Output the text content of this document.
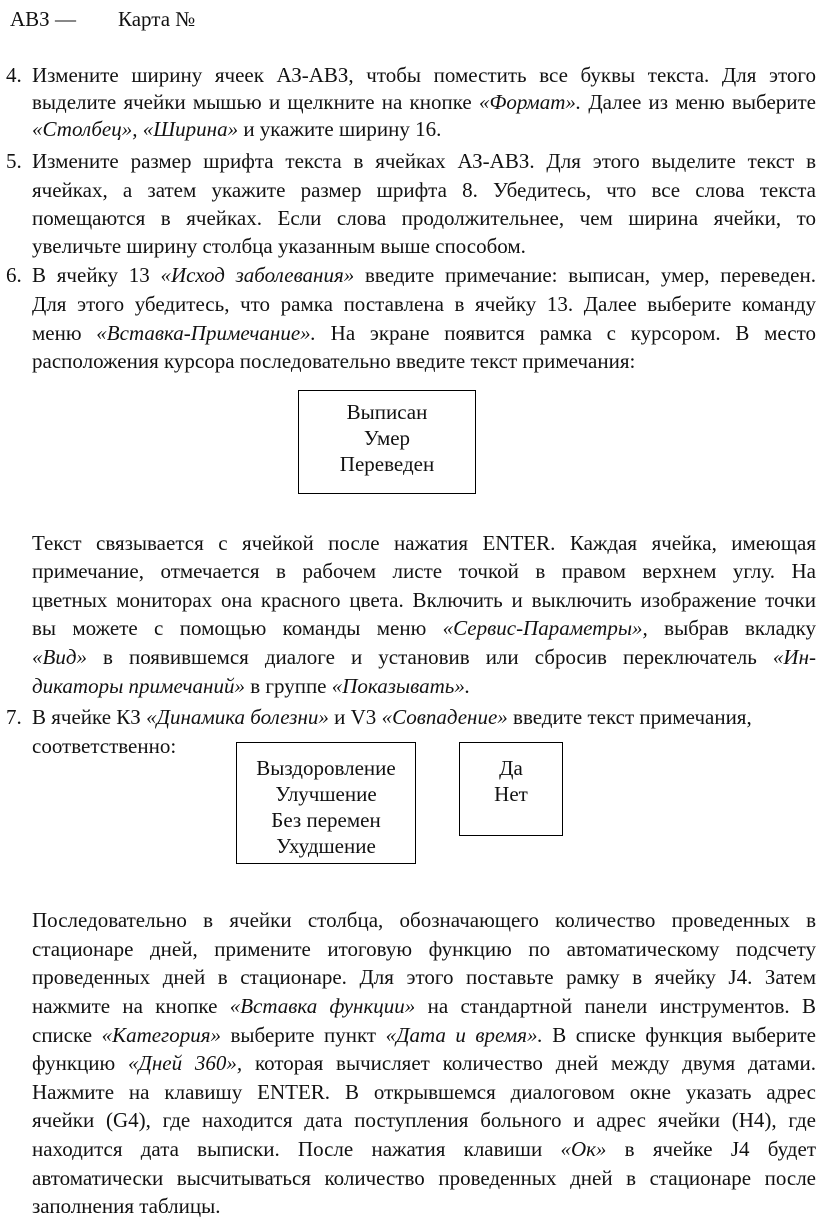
АВЗ — Карта №
4. Измените ширину ячеек АЗ-АВЗ, чтобы поместить все буквы текста. Для этого
выделите ячейки мышью и щелкните на кнопке «Формат». Далее из меню выберите
«Столбец», «Ширина» и укажите ширину 16.
5. Измените размер шрифта текста в ячейках АЗ-АВЗ. Для этого выделите текст в
ячейках, а затем укажите размер шрифта 8. Убедитесь, что все слова текста
помещаются в ячейках. Если слова продолжительнее, чем ширина ячейки, то
увеличьте ширину столбца указанным выше способом.
6. В ячейку 13 «Исход заболевания» введите примечание: выписан, умер, переведен.
Для этого убедитесь, что рамка поставлена в ячейку 13. Далее выберите команду
меню «Вставка-Примечание». На экране появится рамка с курсором. В место
расположения курсора последовательно введите текст примечания:
Выписан
Умер
Переведен
Текст связывается с ячейкой после нажатия ENTER. Каждая ячейка, имеющая
примечание, отмечается в рабочем листе точкой в правом верхнем углу. На
цветных мониторах она красного цвета. Включить и выключить изображение точки
вы можете с помощью команды меню «Сервис-Параметры», выбрав вкладку
«Вид» в появившемся диалоге и установив или сбросив переключатель «Ин-
дикаторы примечаний» в группе «Показывать».
7. В ячейке КЗ «Динамика болезни» и V3 «Совпадение» введите текст примечания,
соответственно:
Выздоровление
Улучшение
Без перемен
Ухудшение
Да
Нет
Последовательно в ячейки столбца, обозначающего количество проведенных в
стационаре дней, примените итоговую функцию по автоматическому подсчету
проведенных дней в стационаре. Для этого поставьте рамку в ячейку J4. Затем
нажмите на кнопке «Вставка функции» на стандартной панели инструментов. В
списке «Категория» выберите пункт «Дата и время». В списке функция выберите
функцию «Дней 360», которая вычисляет количество дней между двумя датами.
Нажмите на клавишу ENTER. В открывшемся диалоговом окне указать адрес
ячейки (G4), где находится дата поступления больного и адрес ячейки (H4), где
находится дата выписки. После нажатия клавиши «Ок» в ячейке J4 будет
автоматически высчитываться количество проведенных дней в стационаре после
заполнения таблицы.
